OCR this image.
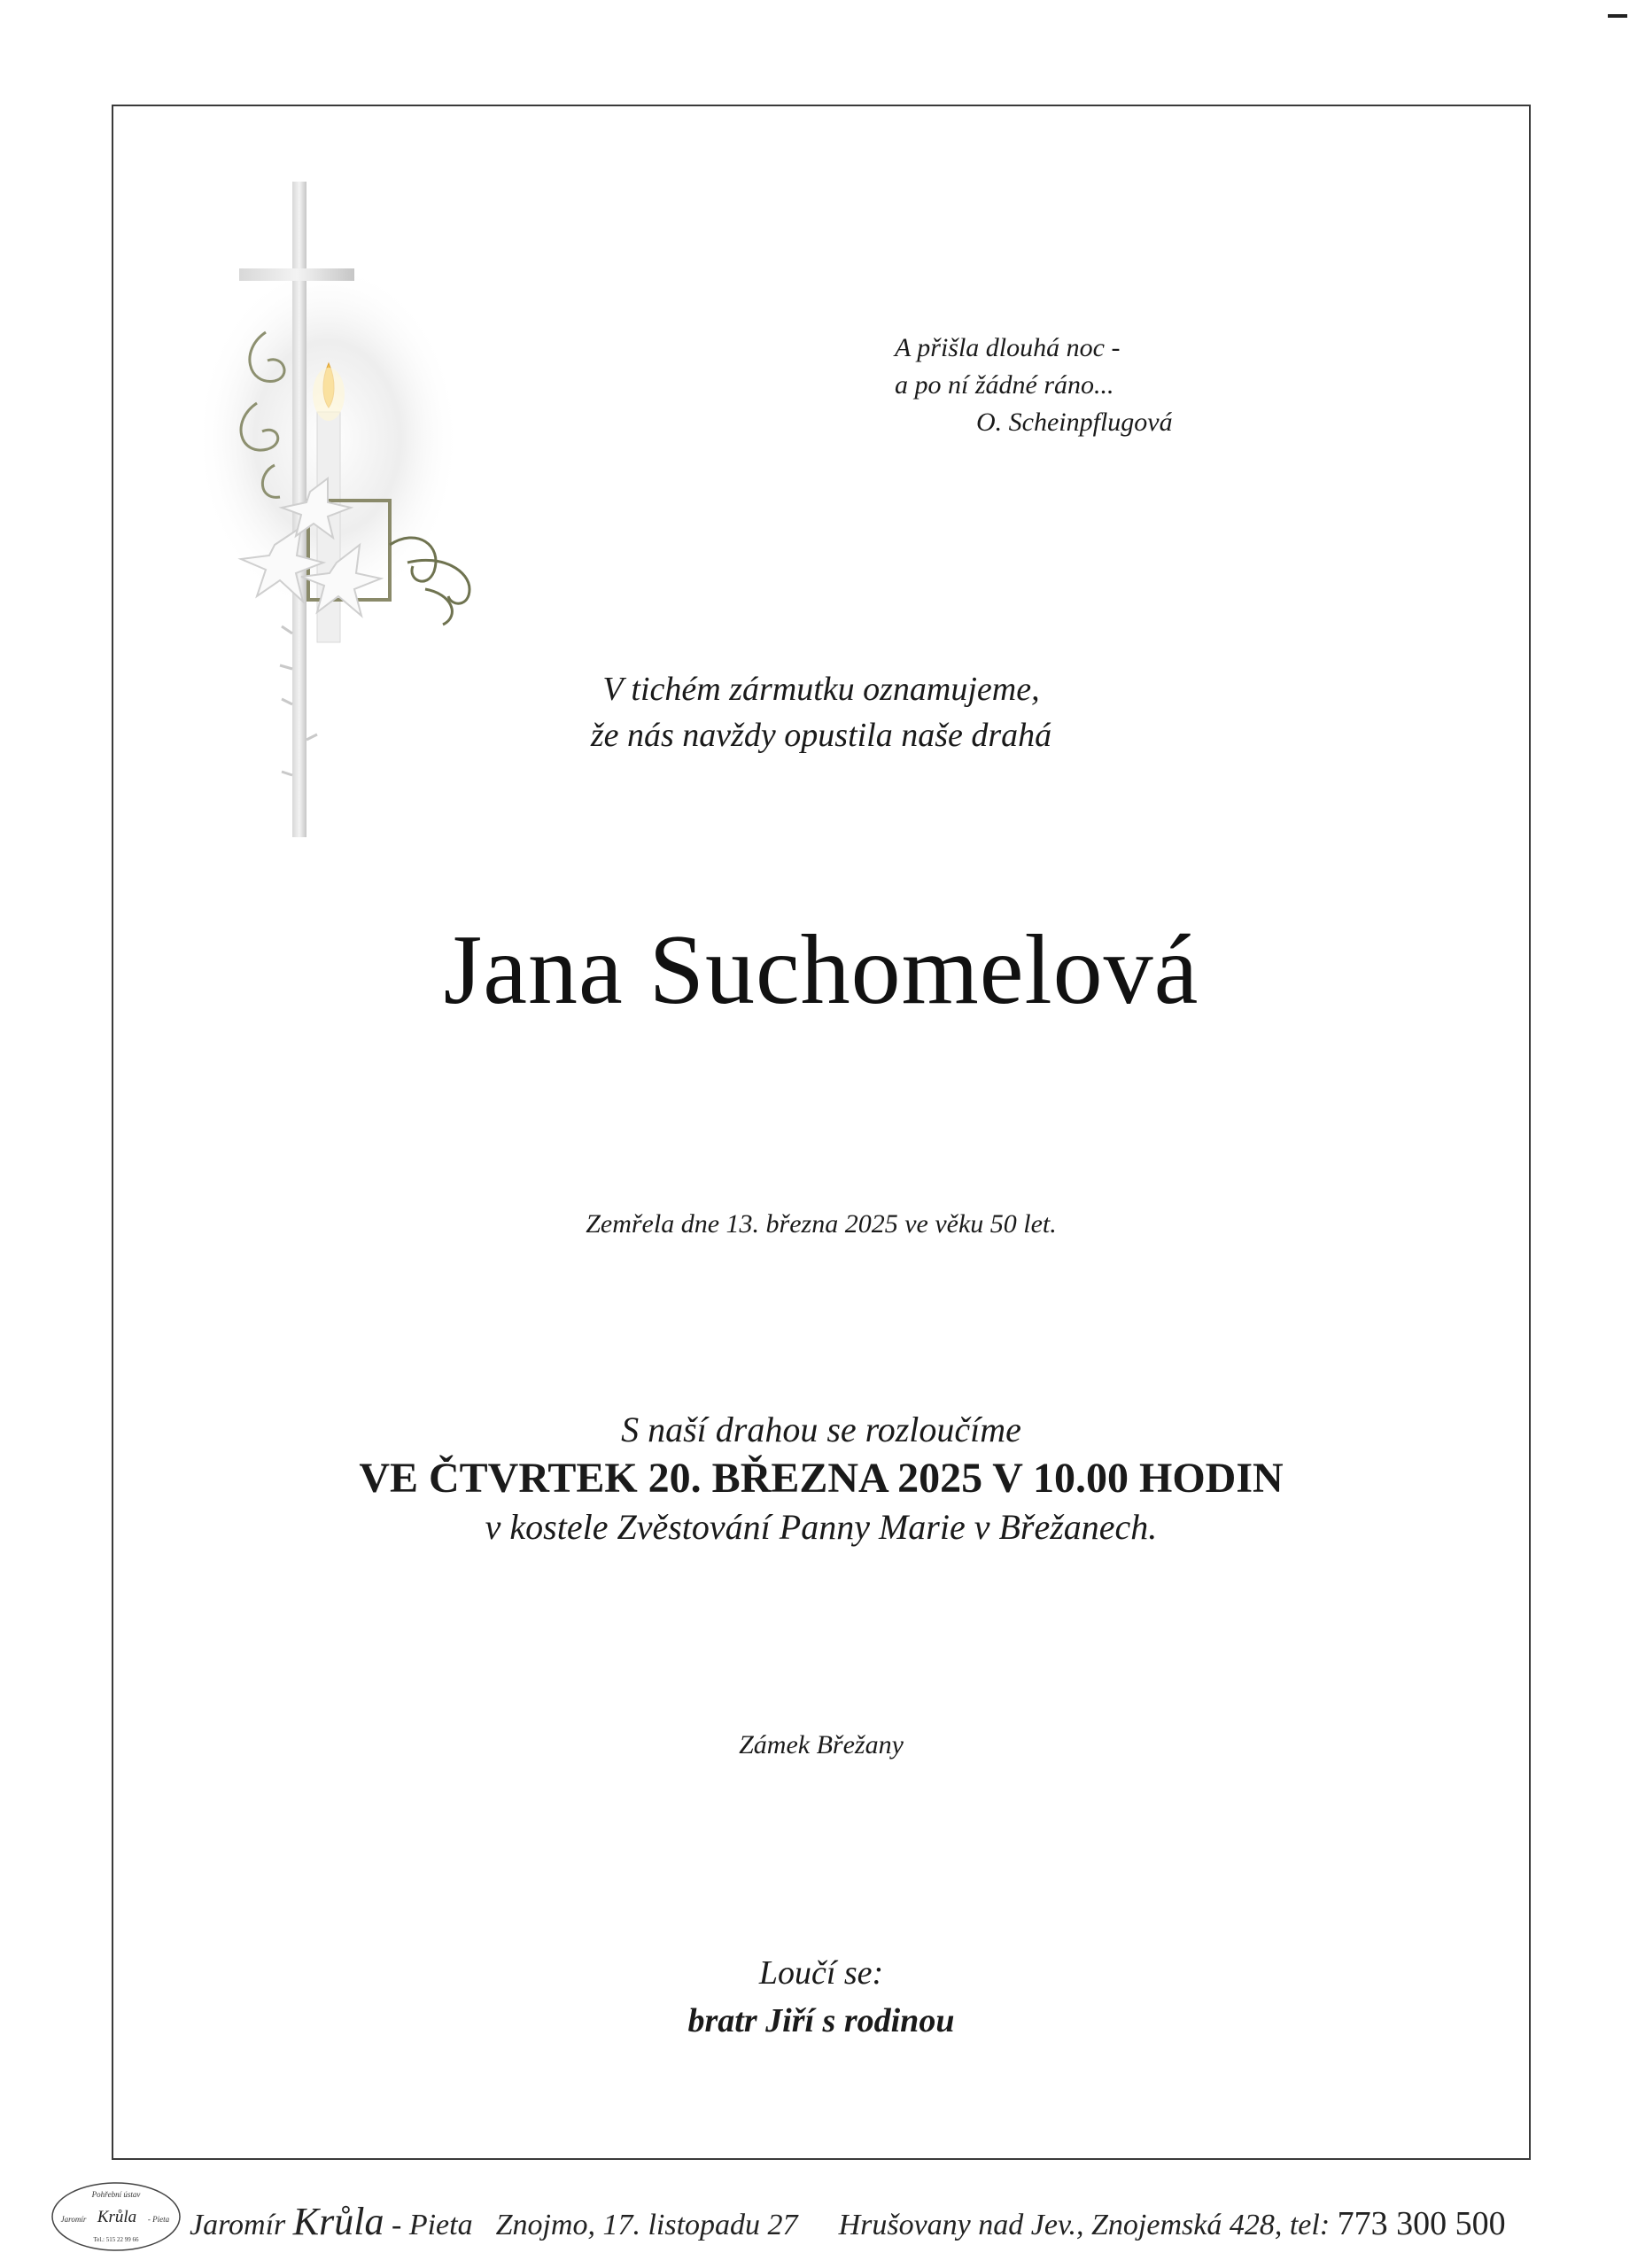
A přišla dlouhá noc -
a po ní žádné ráno...
O. Scheinpflugová
V tichém zármutku oznamujeme,
že nás navždy opustila naše drahá
Jana Suchomelová
Zemřela dne 13. března 2025 ve věku 50 let.
S naší drahou se rozloučíme
VE ČTVRTEK 20. BŘEZNA 2025 V 10.00 HODIN
v kostele Zvěstování Panny Marie v Břežanech.
Zámek Břežany
Loučí se:
bratr Jiří s rodinou
Pohřební ústav
Jaromír Krůla - Pieta
Tel.: 515 22 99 66 Jaromír Krůla - Pieta Znojmo, 17. listopadu 27 Hrušovany nad Jev., Znojemská 428, tel: 773 300 500
